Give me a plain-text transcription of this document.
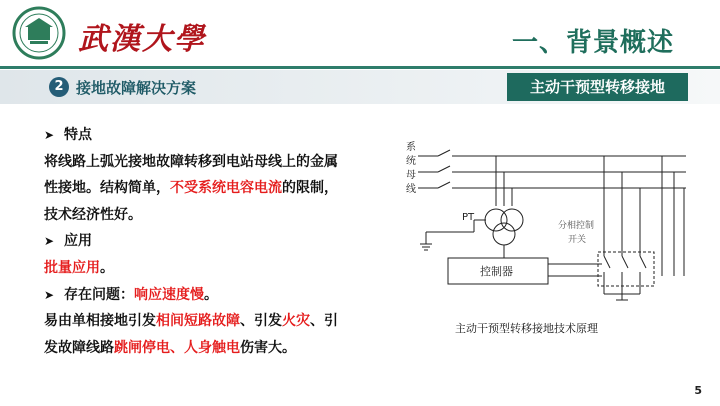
武漢大學	一、背景概述
2 接地故障解决方案	主动干预型转移接地
➤ 特点
将线路上弧光接地故障转移到电站母线上的金属
性接地。结构简单，不受系统电容电流的限制，
技术经济性好。
➤ 应用
批量应用。
➤ 存在问题：响应速度慢。
易由单相接地引发相间短路故障、引发火灾、引
发故障线路跳闸停电、人身触电伤害大。
系
统
母
线
PT
控制器
分相控制
开关
主动干预型转移接地技术原理
5
